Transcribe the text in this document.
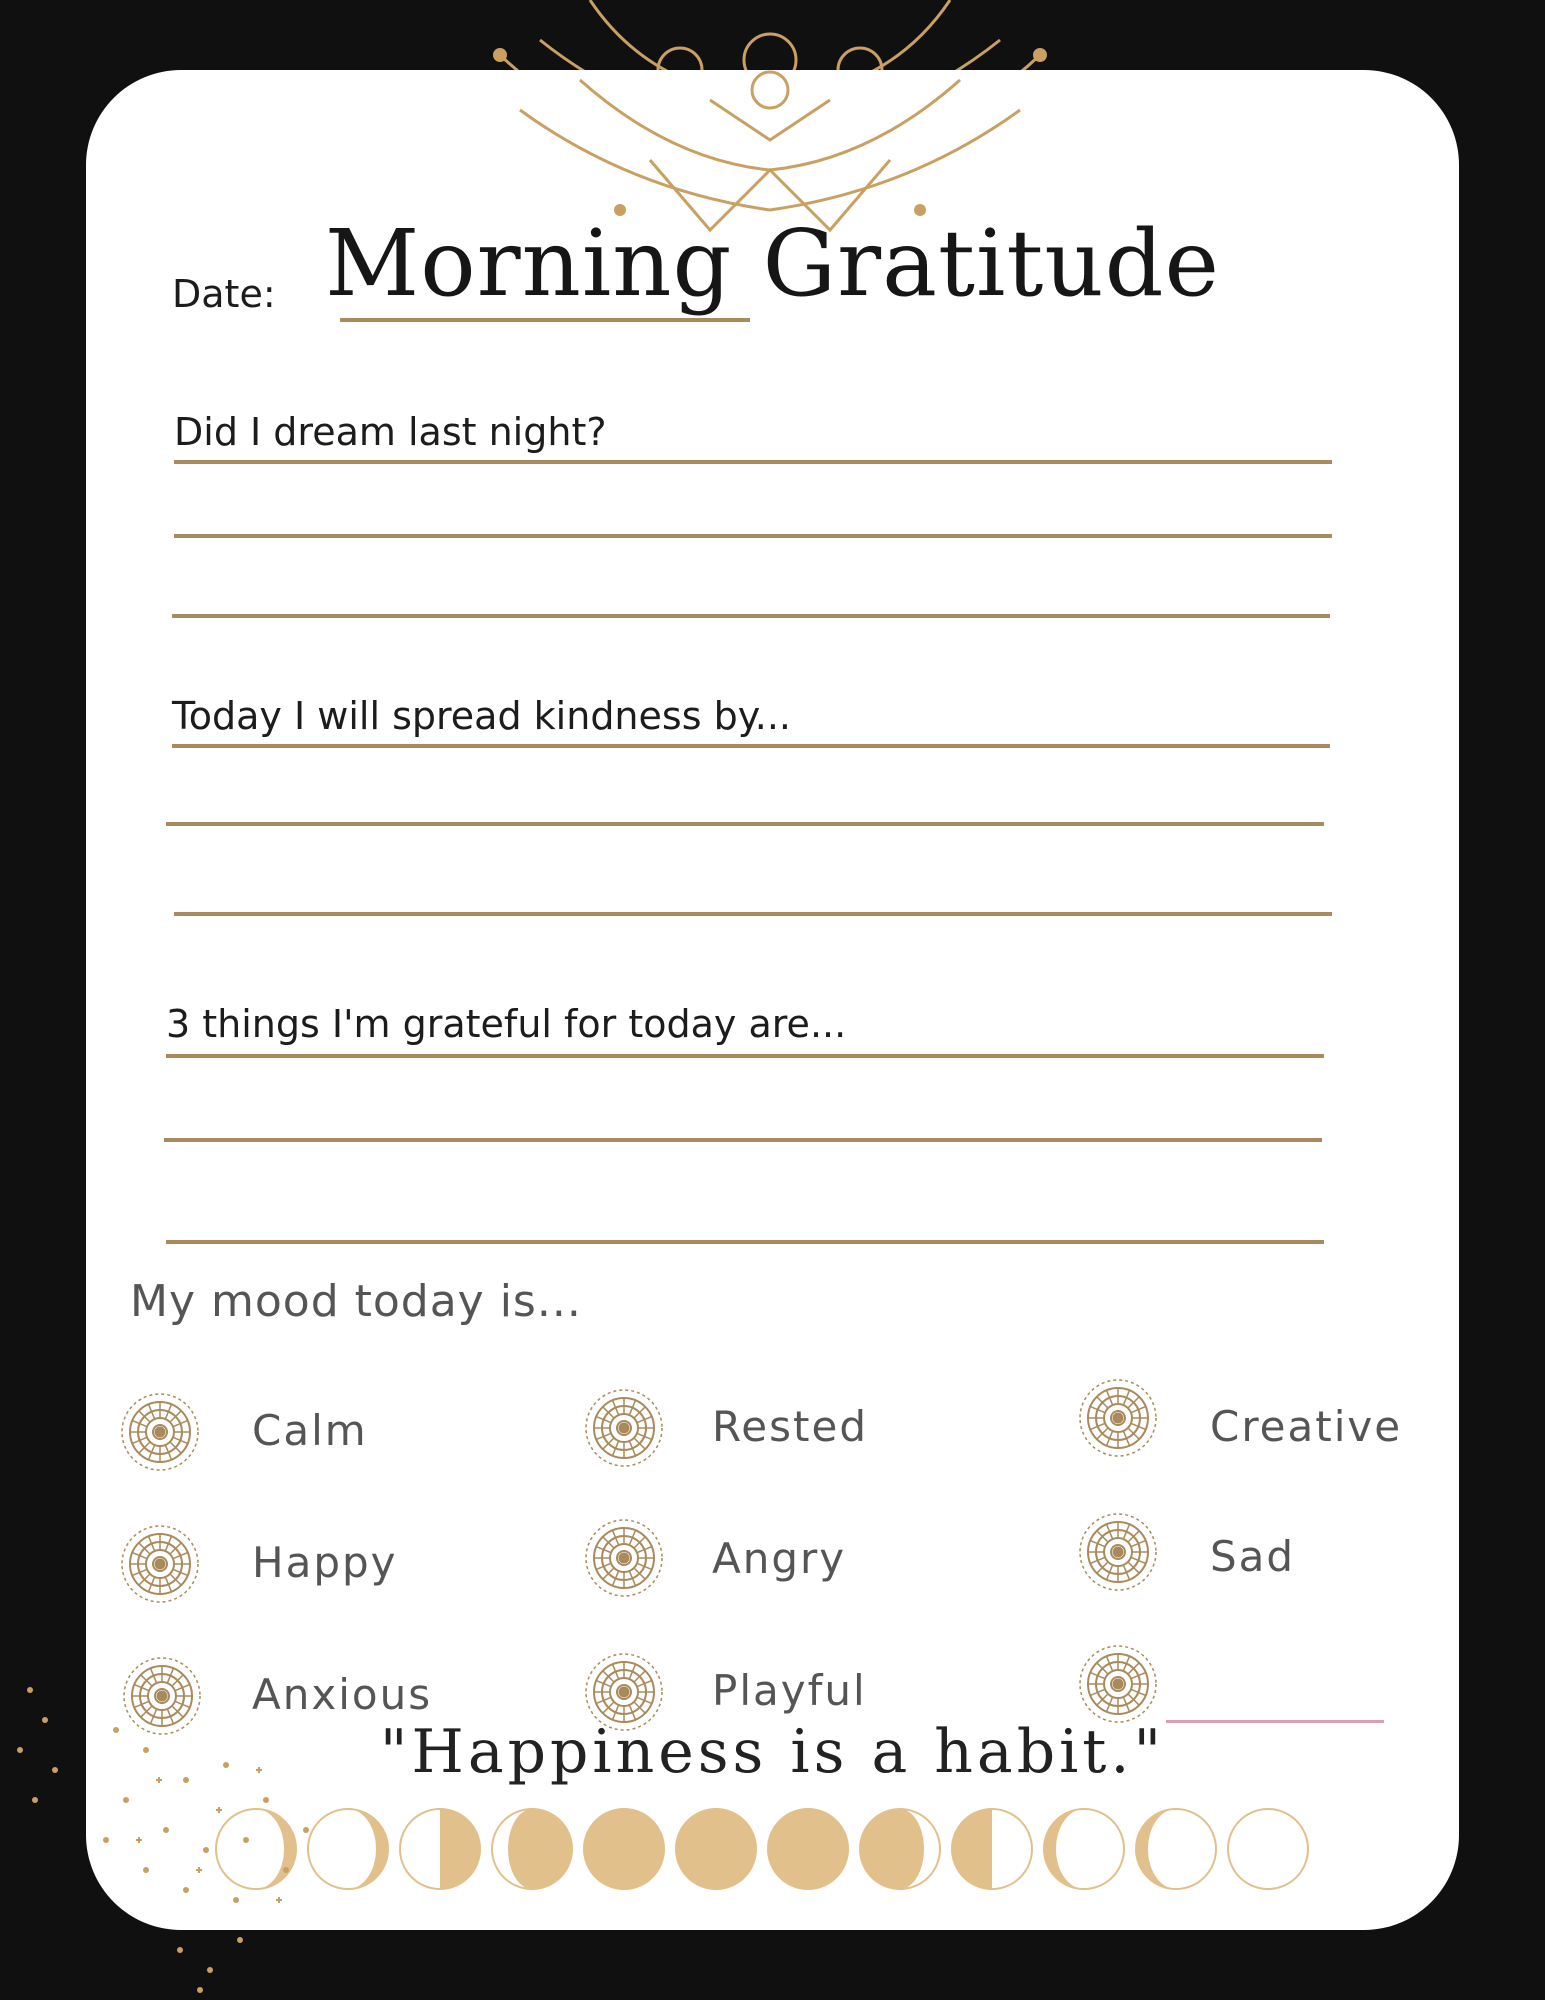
Morning Gratitude
Date:
Did I dream last night?
Today I will spread kindness by...
3 things I'm grateful for today are...
My mood today is...
Calm	Rested	Creative
Happy	Angry	Sad
Anxious	Playful
"Happiness is a habit."
